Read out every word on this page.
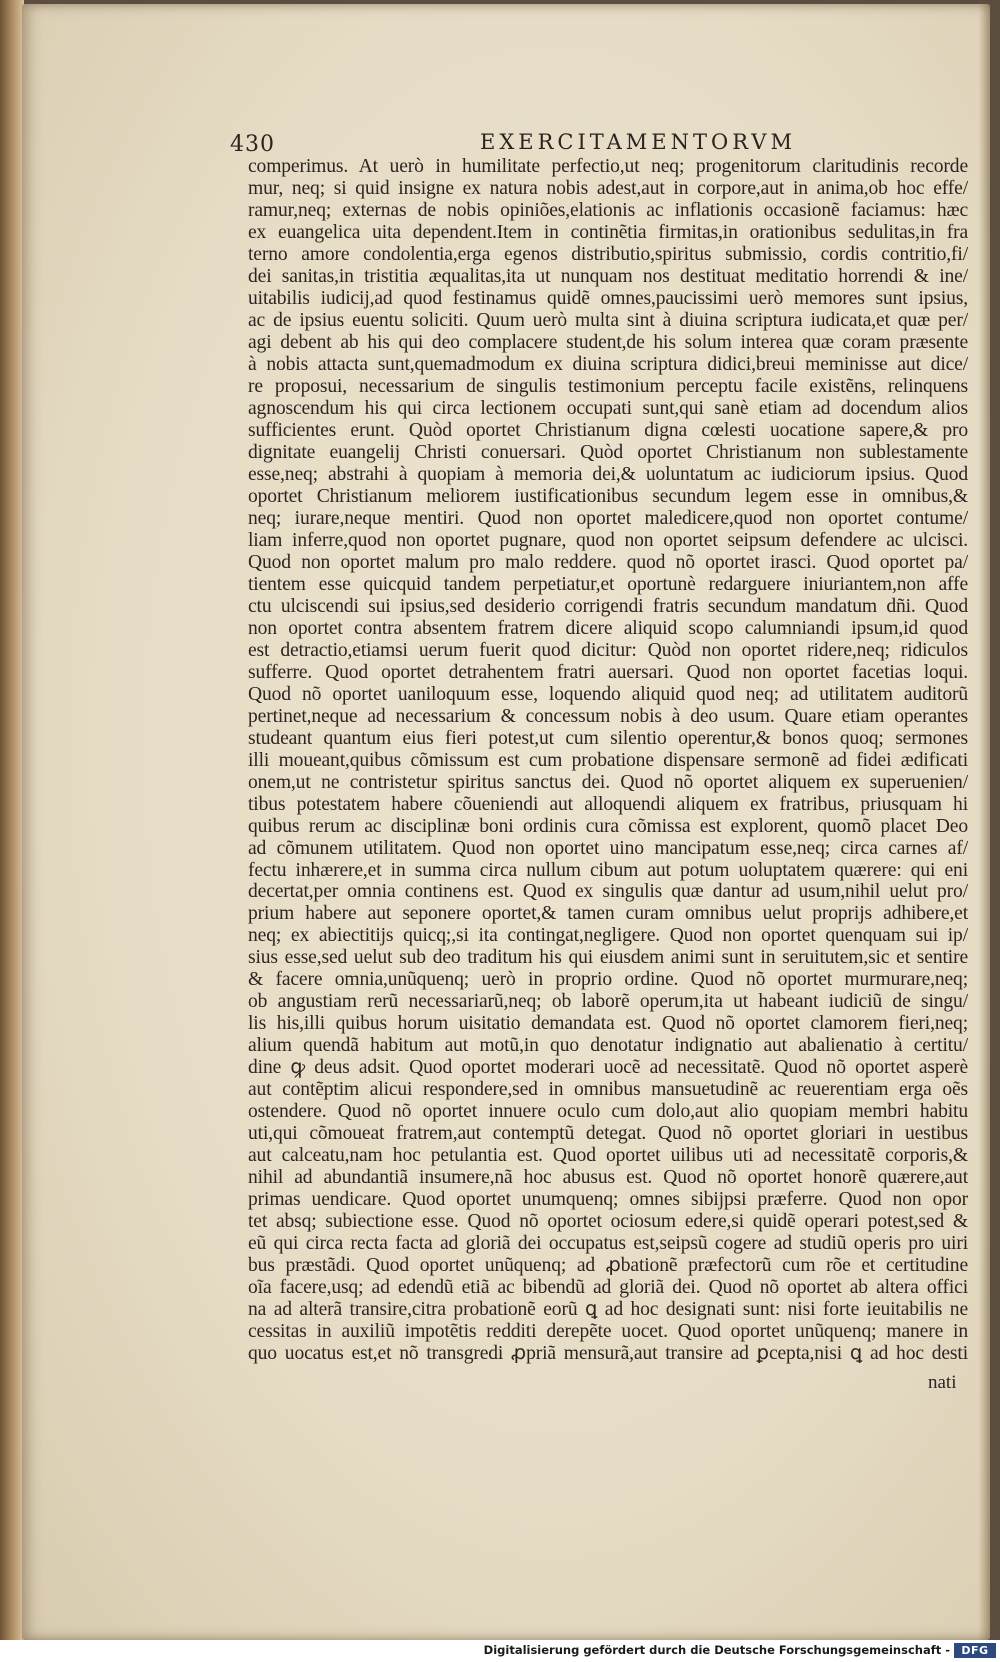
430	EXERCITAMENTORVM
comperimus. At uerò in humilitate perfectio,ut neq; progenitorum claritudinis recorde
mur, neq; si quid insigne ex natura nobis adest,aut in corpore,aut in anima,ob hoc effe/
ramur,neq; externas de nobis opiniões,elationis ac inflationis occasionẽ faciamus: hæc
ex euangelica uita dependent.Item in continẽtia firmitas,in orationibus sedulitas,in fra
terno amore condolentia,erga egenos distributio,spiritus submissio, cordis contritio,fi/
dei sanitas,in tristitia æqualitas,ita ut nunquam nos destituat meditatio horrendi & ine/
uitabilis iudicij,ad quod festinamus quidẽ omnes,paucissimi uerò memores sunt ipsius,
ac de ipsius euentu soliciti. Quum uerò multa sint à diuina scriptura iudicata,et quæ per/
agi debent ab his qui deo complacere student,de his solum interea quæ coram præsente
à nobis attacta sunt,quemadmodum ex diuina scriptura didici,breui meminisse aut dice/
re proposui, necessarium de singulis testimonium perceptu facile existẽns, relinquens
agnoscendum his qui circa lectionem occupati sunt,qui sanè etiam ad docendum alios
sufficientes erunt. Quòd oportet Christianum digna cœlesti uocatione sapere,& pro
dignitate euangelij Christi conuersari. Quòd oportet Christianum non sublestamente
esse,neq; abstrahi à quopiam à memoria dei,& uoluntatum ac iudiciorum ipsius. Quod
oportet Christianum meliorem iustificationibus secundum legem esse in omnibus,&
neq; iurare,neque mentiri. Quod non oportet maledicere,quod non oportet contume/
liam inferre,quod non oportet pugnare, quod non oportet seipsum defendere ac ulcisci.
Quod non oportet malum pro malo reddere. quod nõ oportet irasci. Quod oportet pa/
tientem esse quicquid tandem perpetiatur,et oportunè redarguere iniuriantem,non affe
ctu ulciscendi sui ipsius,sed desiderio corrigendi fratris secundum mandatum dñi. Quod
non oportet contra absentem fratrem dicere aliquid scopo calumniandi ipsum,id quod
est detractio,etiamsi uerum fuerit quod dicitur: Quòd non oportet ridere,neq; ridiculos
sufferre. Quod oportet detrahentem fratri auersari. Quod non oportet facetias loqui.
Quod nõ oportet uaniloquum esse, loquendo aliquid quod neq; ad utilitatem auditorũ
pertinet,neque ad necessarium & concessum nobis à deo usum. Quare etiam operantes
studeant quantum eius fieri potest,ut cum silentio operentur,& bonos quoq; sermones
illi moueant,quibus cõmissum est cum probatione dispensare sermonẽ ad fidei ædificati
onem,ut ne contristetur spiritus sanctus dei. Quod nõ oportet aliquem ex superuenien/
tibus potestatem habere cõueniendi aut alloquendi aliquem ex fratribus, priusquam hi
quibus rerum ac disciplinæ boni ordinis cura cõmissa est explorent, quomõ placet Deo
ad cõmunem utilitatem. Quod non oportet uino mancipatum esse,neq; circa carnes af/
fectu inhærere,et in summa circa nullum cibum aut potum uoluptatem quærere: qui eni
decertat,per omnia continens est. Quod ex singulis quæ dantur ad usum,nihil uelut pro/
prium habere aut seponere oportet,& tamen curam omnibus uelut proprijs adhibere,et
neq; ex abiectitijs quicq;,si ita contingat,negligere. Quod non oportet quenquam sui ip/
sius esse,sed uelut sub deo traditum his qui eiusdem animi sunt in seruitutem,sic et sentire
& facere omnia,unũquenq; uerò in proprio ordine. Quod nõ oportet murmurare,neq;
ob angustiam rerũ necessariarũ,neq; ob laborẽ operum,ita ut habeant iudiciũ de singu/
lis his,illi quibus horum uisitatio demandata est. Quod nõ oportet clamorem fieri,neq;
alium quendã habitum aut motũ,in quo denotatur indignatio aut abalienatio à certitu/
dine ꝙ deus adsit. Quod oportet moderari uocẽ ad necessitatẽ. Quod nõ oportet asperè
aut contẽptim alicui respondere,sed in omnibus mansuetudinẽ ac reuerentiam erga oẽs
ostendere. Quod nõ oportet innuere oculo cum dolo,aut alio quopiam membri habitu
uti,qui cõmoueat fratrem,aut contemptũ detegat. Quod nõ oportet gloriari in uestibus
aut calceatu,nam hoc petulantia est. Quod oportet uilibus uti ad necessitatẽ corporis,&
nihil ad abundantiã insumere,nã hoc abusus est. Quod nõ oportet honorẽ quærere,aut
primas uendicare. Quod oportet unumquenq; omnes sibijpsi præferre. Quod non opor
tet absq; subiectione esse. Quod nõ oportet ociosum edere,si quidẽ operari potest,sed &
eũ qui circa recta facta ad gloriã dei occupatus est,seipsũ cogere ad studiũ operis pro uiri
bus præstãdi. Quod oportet unũquenq; ad ꝓbationẽ præfectorũ cum rõe et certitudine
oĩa facere,usq; ad edendũ etiã ac bibendũ ad gloriã dei. Quod nõ oportet ab altera offici
na ad alterã transire,citra probationẽ eorũ ꝗ ad hoc designati sunt: nisi forte ieuitabilis ne
cessitas in auxiliũ impotẽtis redditi derepẽte uocet. Quod oportet unũquenq; manere in
quo uocatus est,et nõ transgredi ꝓpriã mensurã,aut transire ad ꝑcepta,nisi ꝗ ad hoc desti
nati
Digitalisierung gefördert durch die Deutsche Forschungsgemeinschaft -	DFG
